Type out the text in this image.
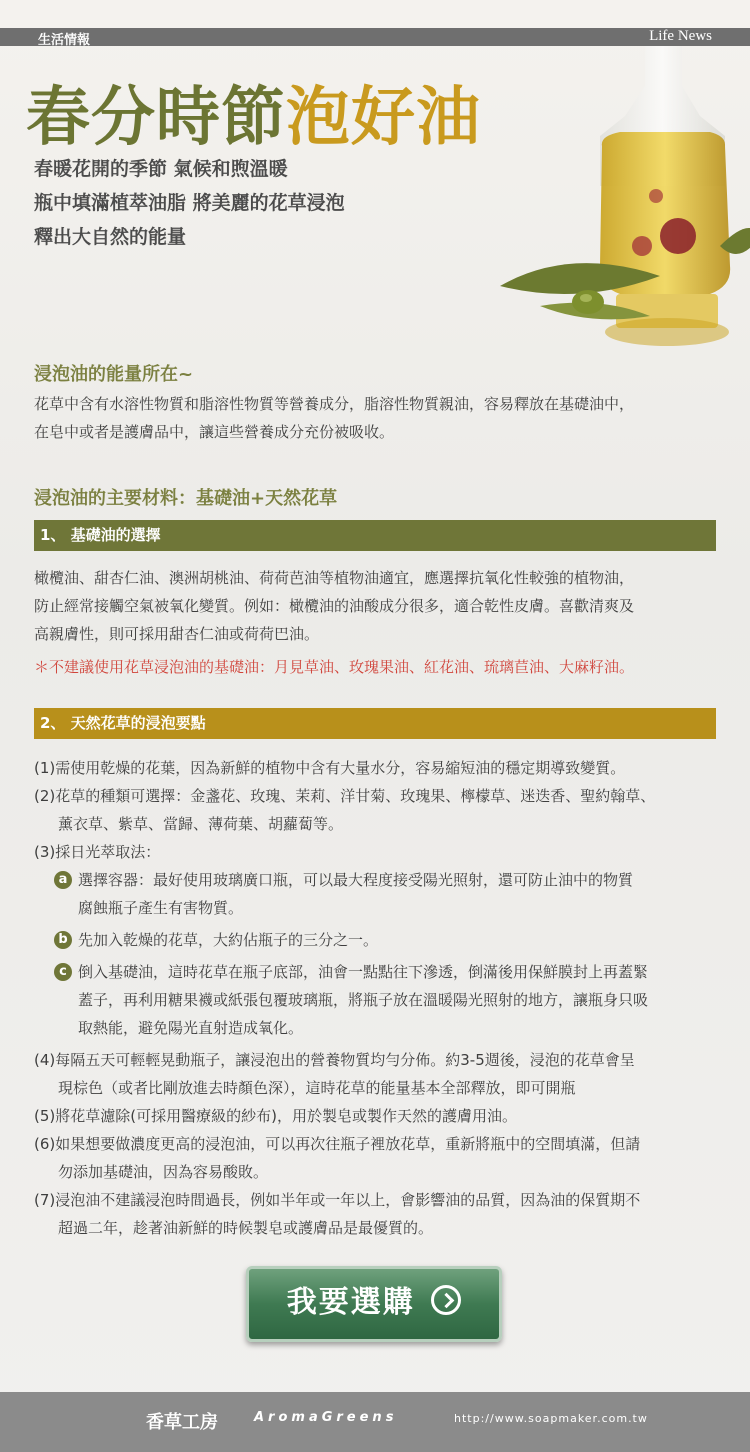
生活情報	Life News
春分時節泡好油
春暖花開的季節 氣候和煦溫暖
瓶中填滿植萃油脂 將美麗的花草浸泡
釋出大自然的能量
浸泡油的能量所在~
花草中含有水溶性物質和脂溶性物質等營養成分，脂溶性物質親油，容易釋放在基礎油中，
在皂中或者是護膚品中，讓這些營養成分充份被吸收。
浸泡油的主要材料：基礎油+天然花草
1、 基礎油的選擇
橄欖油、甜杏仁油、澳洲胡桃油、荷荷芭油等植物油適宜，應選擇抗氧化性較強的植物油，
防止經常接觸空氣被氧化變質。例如：橄欖油的油酸成分很多，適合乾性皮膚。喜歡清爽及
高親膚性，則可採用甜杏仁油或荷荷巴油。
＊不建議使用花草浸泡油的基礎油：月見草油、玫瑰果油、紅花油、琉璃苣油、大麻籽油。
2、 天然花草的浸泡要點
(1)需使用乾燥的花葉，因為新鮮的植物中含有大量水分，容易縮短油的穩定期導致變質。
(2)花草的種類可選擇：金盞花、玫瑰、茉莉、洋甘菊、玫瑰果、檸檬草、迷迭香、聖約翰草、
薰衣草、紫草、當歸、薄荷葉、胡蘿蔔等。
(3)採日光萃取法：
a 選擇容器：最好使用玻璃廣口瓶，可以最大程度接受陽光照射，還可防止油中的物質
腐蝕瓶子產生有害物質。
b 先加入乾燥的花草，大約佔瓶子的三分之一。
c 倒入基礎油，這時花草在瓶子底部，油會一點點往下滲透，倒滿後用保鮮膜封上再蓋緊
蓋子，再利用糖果襪或紙張包覆玻璃瓶，將瓶子放在溫暖陽光照射的地方，讓瓶身只吸
取熱能，避免陽光直射造成氧化。
(4)每隔五天可輕輕晃動瓶子，讓浸泡出的營養物質均勻分佈。約3-5週後，浸泡的花草會呈
現棕色（或者比剛放進去時顏色深），這時花草的能量基本全部釋放，即可開瓶
(5)將花草濾除(可採用醫療級的紗布)，用於製皂或製作天然的護膚用油。
(6)如果想要做濃度更高的浸泡油，可以再次往瓶子裡放花草，重新將瓶中的空間填滿，但請
勿添加基礎油，因為容易酸敗。
(7)浸泡油不建議浸泡時間過長，例如半年或一年以上，會影響油的品質，因為油的保質期不
超過二年，趁著油新鮮的時候製皂或護膚品是最優質的。
我要選購
香草工房	AromaGreens	http://www.soapmaker.com.tw
